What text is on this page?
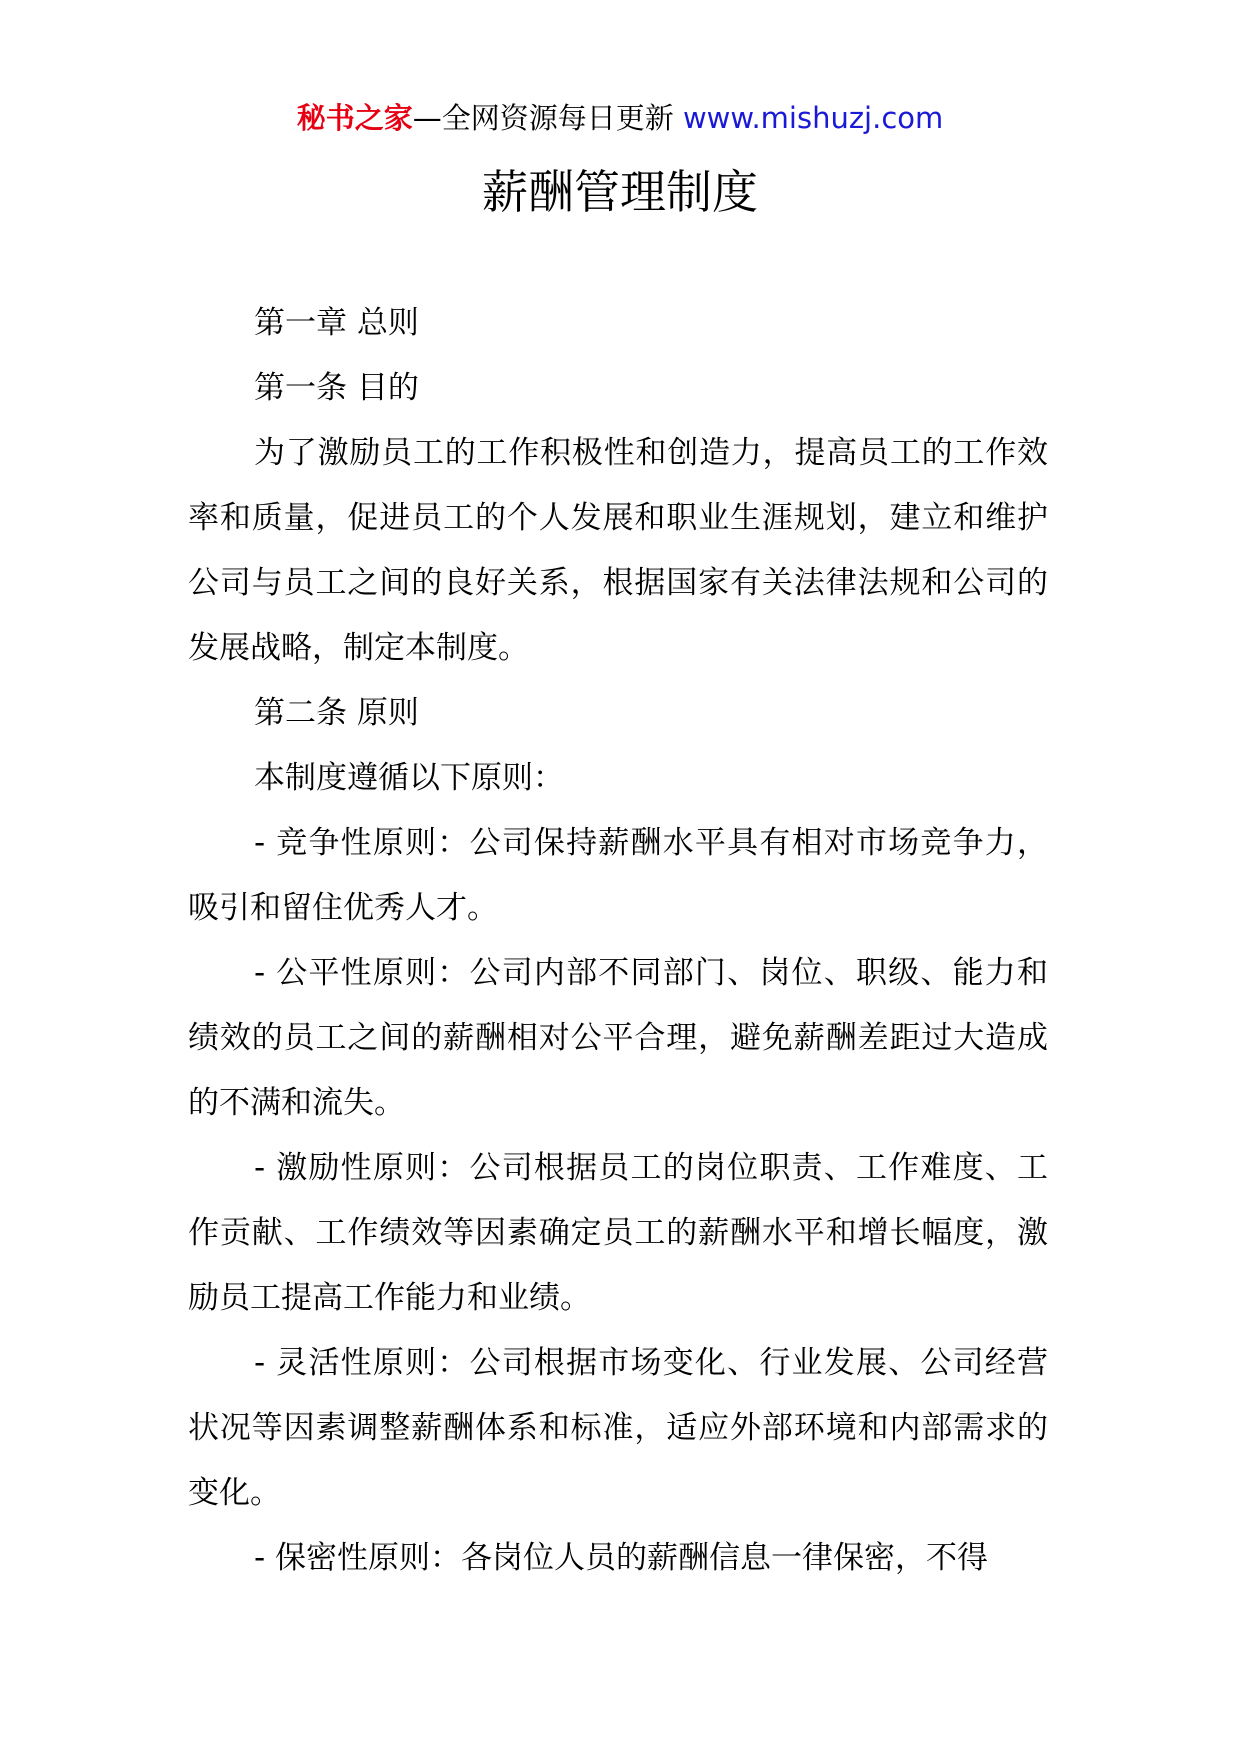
秘书之家—全网资源每日更新 www.mishuzj.com
薪酬管理制度

第一章 总则

第一条 目的

为了激励员工的工作积极性和创造力，提高员工的工作效率和质量，促进员工的个人发展和职业生涯规划，建立和维护公司与员工之间的良好关系，根据国家有关法律法规和公司的发展战略，制定本制度。

第二条 原则

本制度遵循以下原则：

- 竞争性原则：公司保持薪酬水平具有相对市场竞争力，吸引和留住优秀人才。

- 公平性原则：公司内部不同部门、岗位、职级、能力和绩效的员工之间的薪酬相对公平合理，避免薪酬差距过大造成的不满和流失。

- 激励性原则：公司根据员工的岗位职责、工作难度、工作贡献、工作绩效等因素确定员工的薪酬水平和增长幅度，激励员工提高工作能力和业绩。

- 灵活性原则：公司根据市场变化、行业发展、公司经营状况等因素调整薪酬体系和标准，适应外部环境和内部需求的变化。

- 保密性原则：各岗位人员的薪酬信息一律保密，不得
